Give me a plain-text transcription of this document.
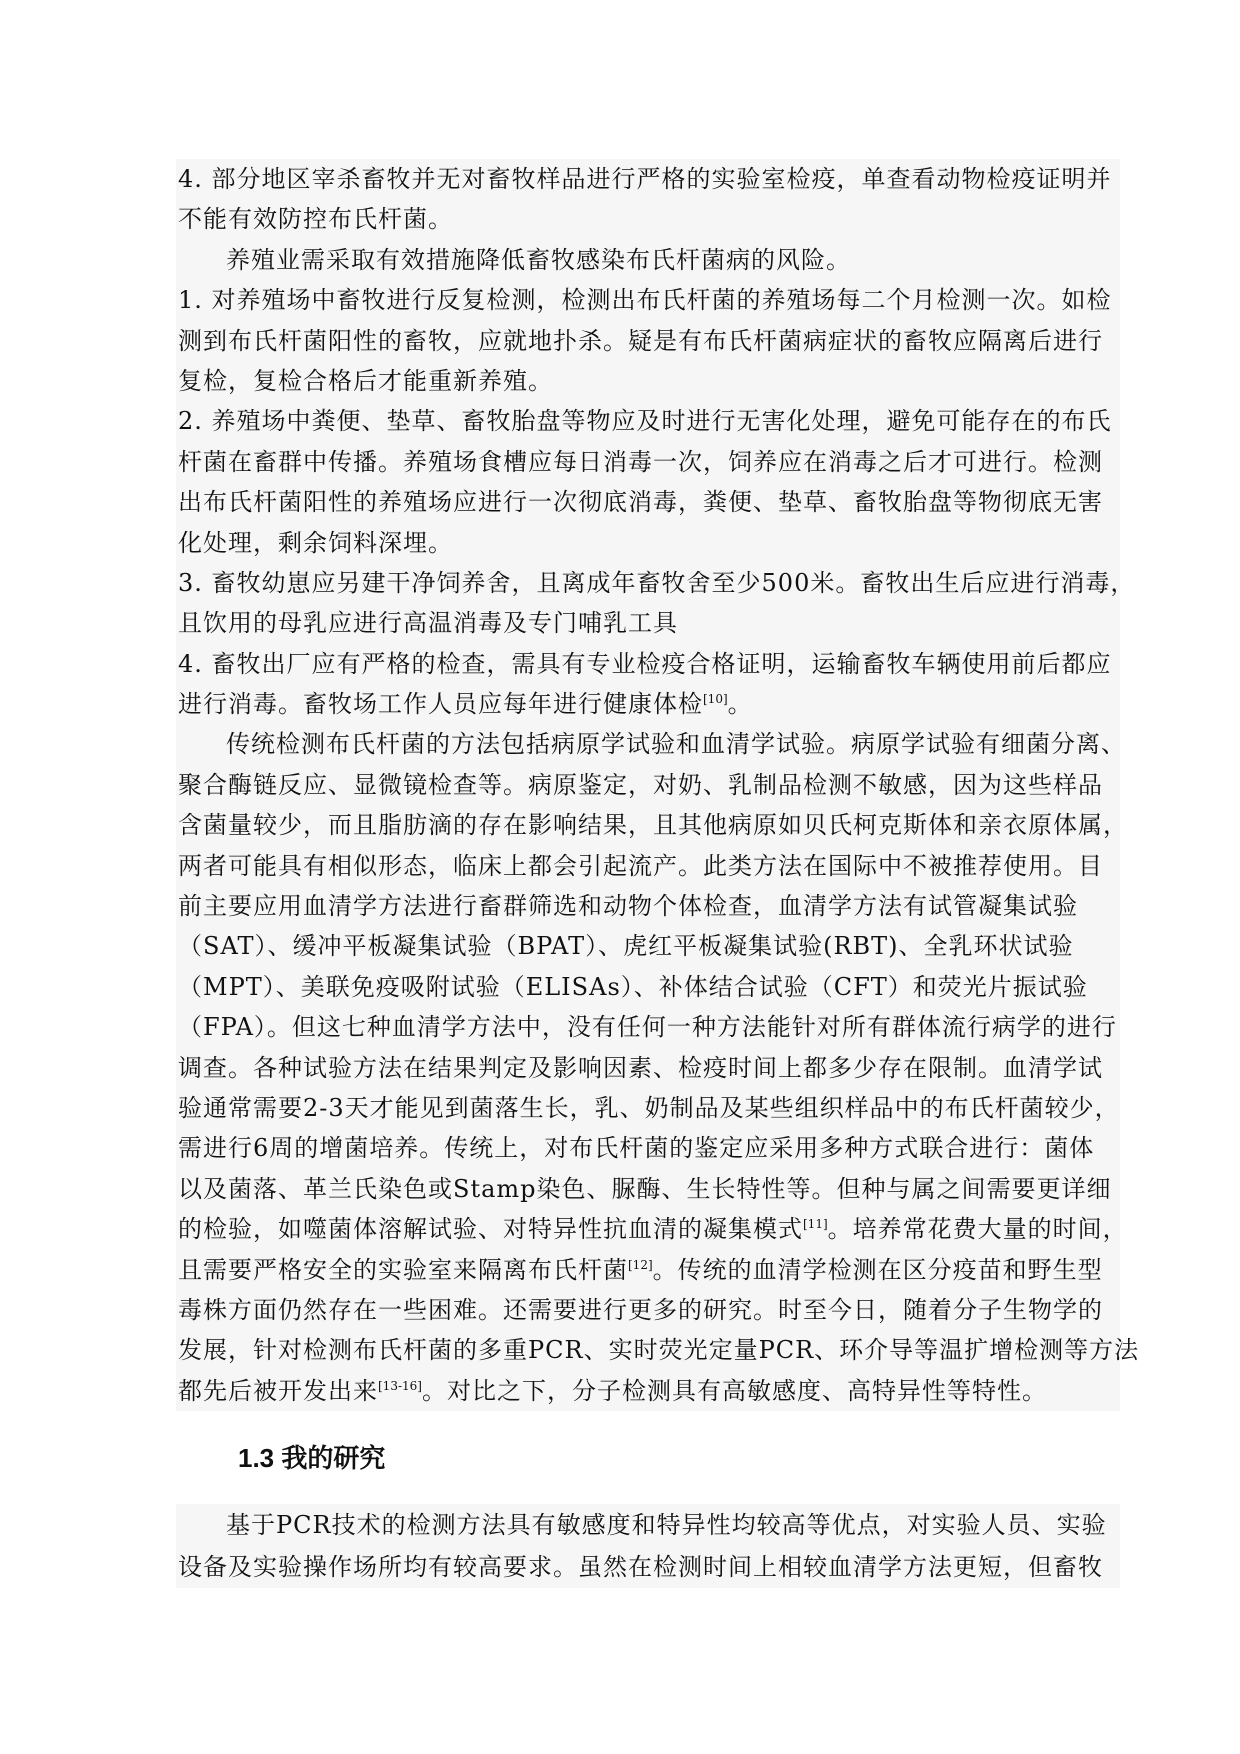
4. 部分地区宰杀畜牧并无对畜牧样品进行严格的实验室检疫，单查看动物检疫证明并
不能有效防控布氏杆菌。
养殖业需采取有效措施降低畜牧感染布氏杆菌病的风险。
1. 对养殖场中畜牧进行反复检测，检测出布氏杆菌的养殖场每二个月检测一次。如检
测到布氏杆菌阳性的畜牧，应就地扑杀。疑是有布氏杆菌病症状的畜牧应隔离后进行
复检，复检合格后才能重新养殖。
2. 养殖场中粪便、垫草、畜牧胎盘等物应及时进行无害化处理，避免可能存在的布氏
杆菌在畜群中传播。养殖场食槽应每日消毒一次，饲养应在消毒之后才可进行。检测
出布氏杆菌阳性的养殖场应进行一次彻底消毒，粪便、垫草、畜牧胎盘等物彻底无害
化处理，剩余饲料深埋。
3. 畜牧幼崽应另建干净饲养舍，且离成年畜牧舍至少500米。畜牧出生后应进行消毒，
且饮用的母乳应进行高温消毒及专门哺乳工具
4. 畜牧出厂应有严格的检查，需具有专业检疫合格证明，运输畜牧车辆使用前后都应
进行消毒。畜牧场工作人员应每年进行健康体检[10]。
传统检测布氏杆菌的方法包括病原学试验和血清学试验。病原学试验有细菌分离、
聚合酶链反应、显微镜检查等。病原鉴定，对奶、乳制品检测不敏感，因为这些样品
含菌量较少，而且脂肪滴的存在影响结果，且其他病原如贝氏柯克斯体和亲衣原体属，
两者可能具有相似形态，临床上都会引起流产。此类方法在国际中不被推荐使用。目
前主要应用血清学方法进行畜群筛选和动物个体检查，血清学方法有试管凝集试验
（SAT）、缓冲平板凝集试验（BPAT）、虎红平板凝集试验(RBT)、全乳环状试验
（MPT）、美联免疫吸附试验（ELISAs）、补体结合试验（CFT）和荧光片振试验
（FPA）。但这七种血清学方法中，没有任何一种方法能针对所有群体流行病学的进行
调查。各种试验方法在结果判定及影响因素、检疫时间上都多少存在限制。血清学试
验通常需要2-3天才能见到菌落生长，乳、奶制品及某些组织样品中的布氏杆菌较少，
需进行6周的增菌培养。传统上，对布氏杆菌的鉴定应采用多种方式联合进行：菌体
以及菌落、革兰氏染色或Stamp染色、脲酶、生长特性等。但种与属之间需要更详细
的检验，如噬菌体溶解试验、对特异性抗血清的凝集模式[11]。培养常花费大量的时间，
且需要严格安全的实验室来隔离布氏杆菌[12]。传统的血清学检测在区分疫苗和野生型
毒株方面仍然存在一些困难。还需要进行更多的研究。时至今日，随着分子生物学的
发展，针对检测布氏杆菌的多重PCR、实时荧光定量PCR、环介导等温扩增检测等方法
都先后被开发出来[13-16]。对比之下，分子检测具有高敏感度、高特异性等特性。
1.3 我的研究
基于PCR技术的检测方法具有敏感度和特异性均较高等优点，对实验人员、实验
设备及实验操作场所均有较高要求。虽然在检测时间上相较血清学方法更短，但畜牧
